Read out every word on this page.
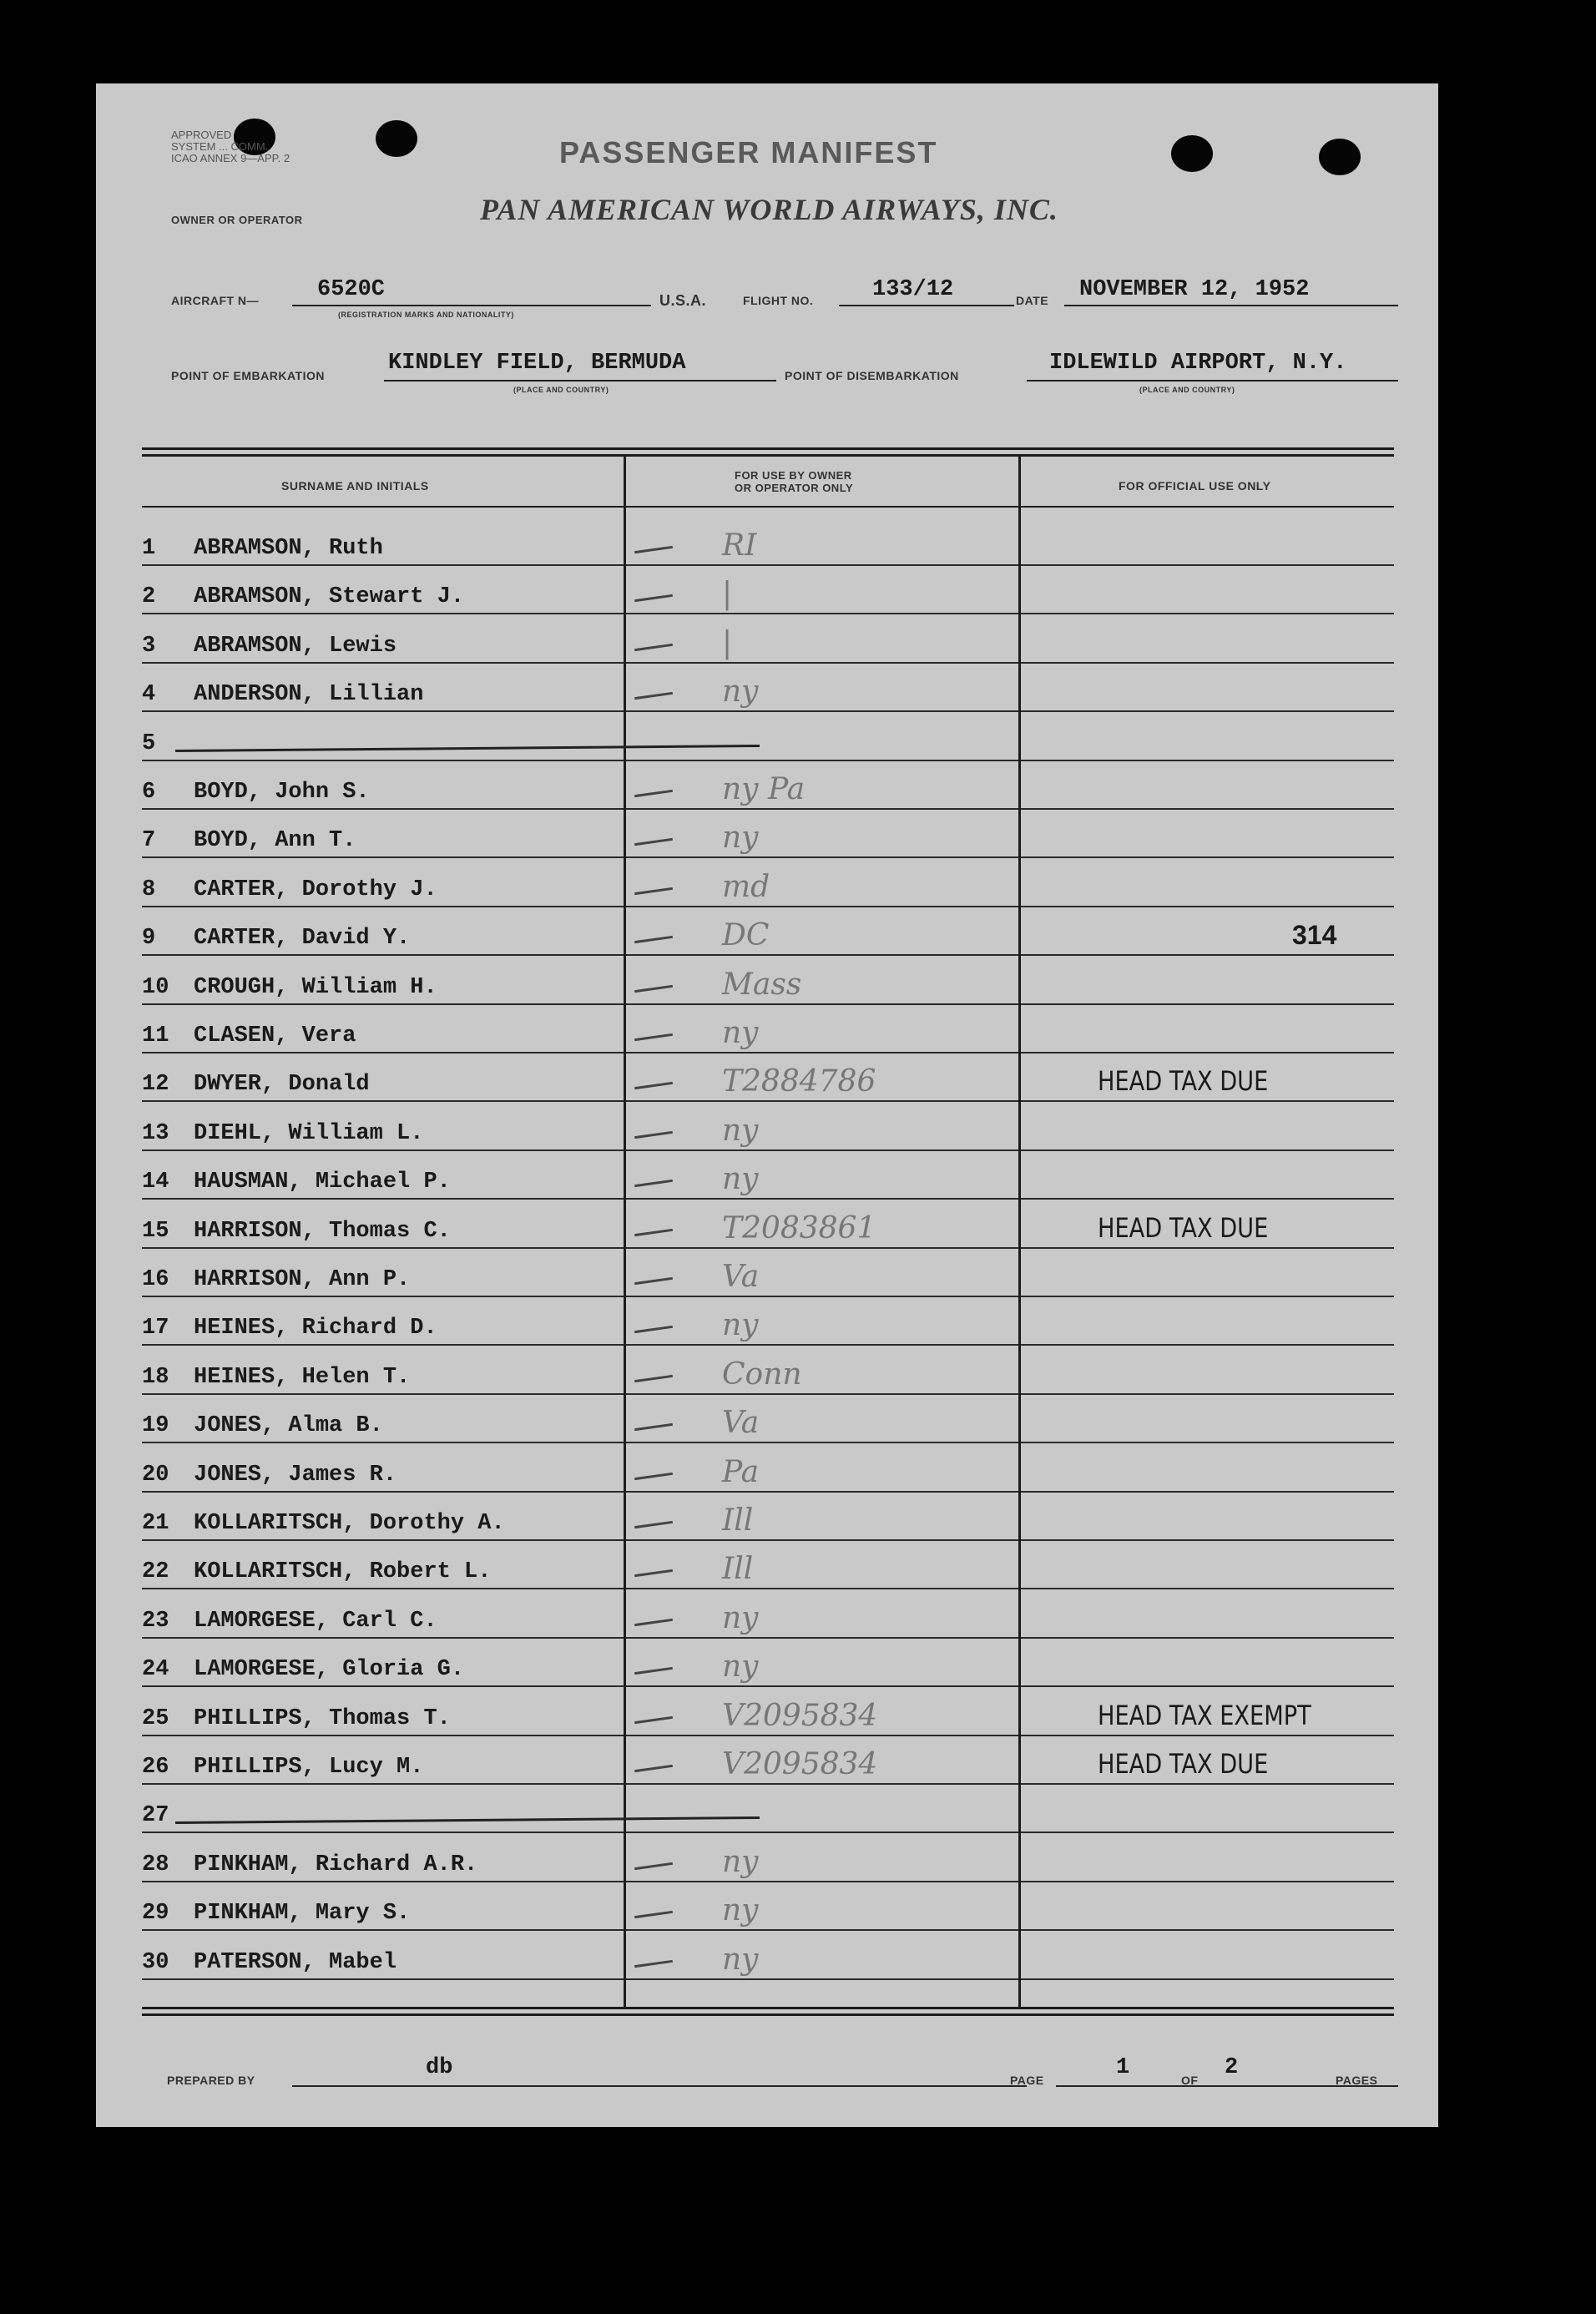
APPROVED
SYSTEM ... COMM.
ICAO ANNEX 9—APP. 2
OWNER OR OPERATOR
PASSENGER MANIFEST
PAN AMERICAN WORLD AIRWAYS, INC.
AIRCRAFT N—	6520C
(REGISTRATION MARKS AND NATIONALITY)
U.S.A.	FLIGHT NO.	133/12	DATE NOVEMBER 12, 1952
POINT OF EMBARKATION	KINDLEY FIELD, BERMUDA
(PLACE AND COUNTRY)
POINT OF DISEMBARKATION	IDLEWILD AIRPORT, N.Y.
(PLACE AND COUNTRY)
SURNAME AND INITIALS
FOR USE BY OWNER
OR OPERATOR ONLY	FOR OFFICIAL USE ONLY
1 ABRAMSON, Ruth	RI
2 ABRAMSON, Stewart J.	|
3 ABRAMSON, Lewis	|
4 ANDERSON, Lillian	ny
5
6 BOYD, John S.	ny Pa
7 BOYD, Ann T.	ny
8 CARTER, Dorothy J.	md
9 CARTER, David Y.	DC	314
10 CROUGH, William H.	Mass
11 CLASEN, Vera	ny
12 DWYER, Donald	T2884786	HEAD TAX DUE
13 DIEHL, William L.	ny
14 HAUSMAN, Michael P.	ny
15 HARRISON, Thomas C.	T2083861	HEAD TAX DUE
16 HARRISON, Ann P.	Va
17 HEINES, Richard D.	ny
18 HEINES, Helen T.	Conn
19 JONES, Alma B.	Va
20 JONES, James R.	Pa
21 KOLLARITSCH, Dorothy A.	Ill
22 KOLLARITSCH, Robert L.	Ill
23 LAMORGESE, Carl C.	ny
24 LAMORGESE, Gloria G.	ny
25 PHILLIPS, Thomas T.	V2095834	HEAD TAX EXEMPT
26 PHILLIPS, Lucy M.	V2095834	HEAD TAX DUE
27
28 PINKHAM, Richard A.R.	ny
29 PINKHAM, Mary S.	ny
30 PATERSON, Mabel	ny
PREPARED BY	db	PAGE	1	OF 2	PAGES
